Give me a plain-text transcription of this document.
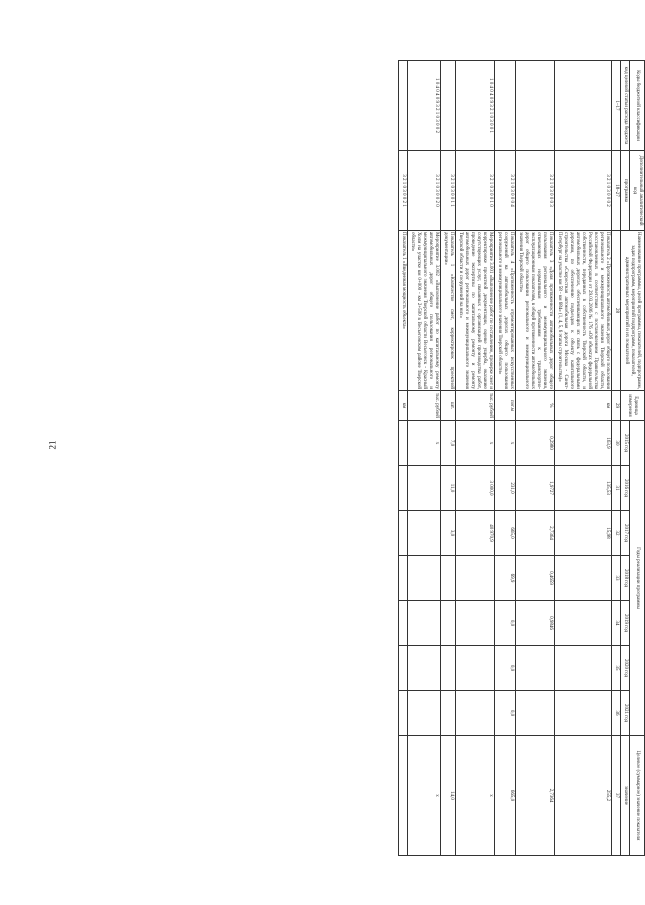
21
Коды бюджетной классификации	Дополнительный аналитический код	Наименование программы, целей программы, показателей, подпрограмм, задач подпрограмм, мероприятий подпрограмм, показателей, административных мероприятий и их показателей	Единица измерения	Годы реализации программы							Целевое (суммарное) значение показателя
код целевой статьи расхода бюджета	программа			2015 год	2016 год	2017 год	2018 год	2019 год	2020 год	2021 год	значение
1–17	18–27	28	29	30	31	32	33	34	35	36	37
	3 2 1 0 3 0 0 0 2	Показатель 2 «Протяженность автомобильных дорог общего пользования регионального и межмуниципального значения Тверской области, восстановленных в соответствии с постановлением Правительства Российской Федерации от 29.03.2006 № 176 «Об объектах федеральной собственности, переданных в собственность Тверской области, и автомобильных дорогах, обеспечивающих их связь с федеральными дорогами, по обеспечению подъездов к объекту капитального строительства «Скоростная автомобильная дорога Москва - Санкт-Петербург на участке км 58 - км 684» (1, 4, 5, 6 этапы строительства)»	км	163,9	135,53	15,98					255,2
	3 2 1 0 3 0 0 0 3	Показатель 3 «Доля протяженности автомобильных дорог общего пользования регионального и межмуниципального значения, отвечающих нормативным требованиям к транспортно-эксплуатационным показателям, в общей протяженности автомобильных дорог общего пользования регионального и межмуниципального значения Тверской области»	%	0,2980	1,9727	2,7364	0,4659	0,9846			2,7364
	3 2 1 0 3 0 0 0 4	Показатель 4 «Протяженность отремонтированных искусственных сооружений на автомобильных дорогах общего пользования регионального и межмуниципального значения Тверской области»	пог.м	х	231,0	665,0	69,9	0,0	0,0	0,0	665,0
1 0 4 0 4 0 9 3 2 1 0 3 0 0 1	3 2 1 0 3 0 0 1 0	Мероприятие 3.001 «Выполнение работ по составлению, проверке смет и корректировке проектной документации, оценке ущерба, оказанию сопутствующих услуг, связанных с организацией производства работ, проведение экспертизы по капитальному ремонту и ремонту автомобильных дорог регионального и межмуниципального значения Тверской области и сооружений на них»	тыс. рублей	х	3 000,0	40 970,9					х
	3 2 1 0 3 0 0 1 1	Показатель 1 «Количество смет, корректировок проектной документации»	шт.	7,0	11,0	3,0					14,0
1 0 4 0 4 0 9 3 2 1 0 3 0 0 2	3 2 1 0 3 0 0 2 0	Мероприятие 3.002 «Выполнение работ по капитальному ремонту автомобильных дорог общего пользования регионального и межмуниципального значения Тверской области Весьегонск - Красный Холм на участке км 0+000 - км 2+500 в Весьегонском районе Тверской области»	тыс. рублей	х							х
	3 2 1 0 3 0 0 2 1	Показатель 1 «Введенная мощность объекта»	км								
